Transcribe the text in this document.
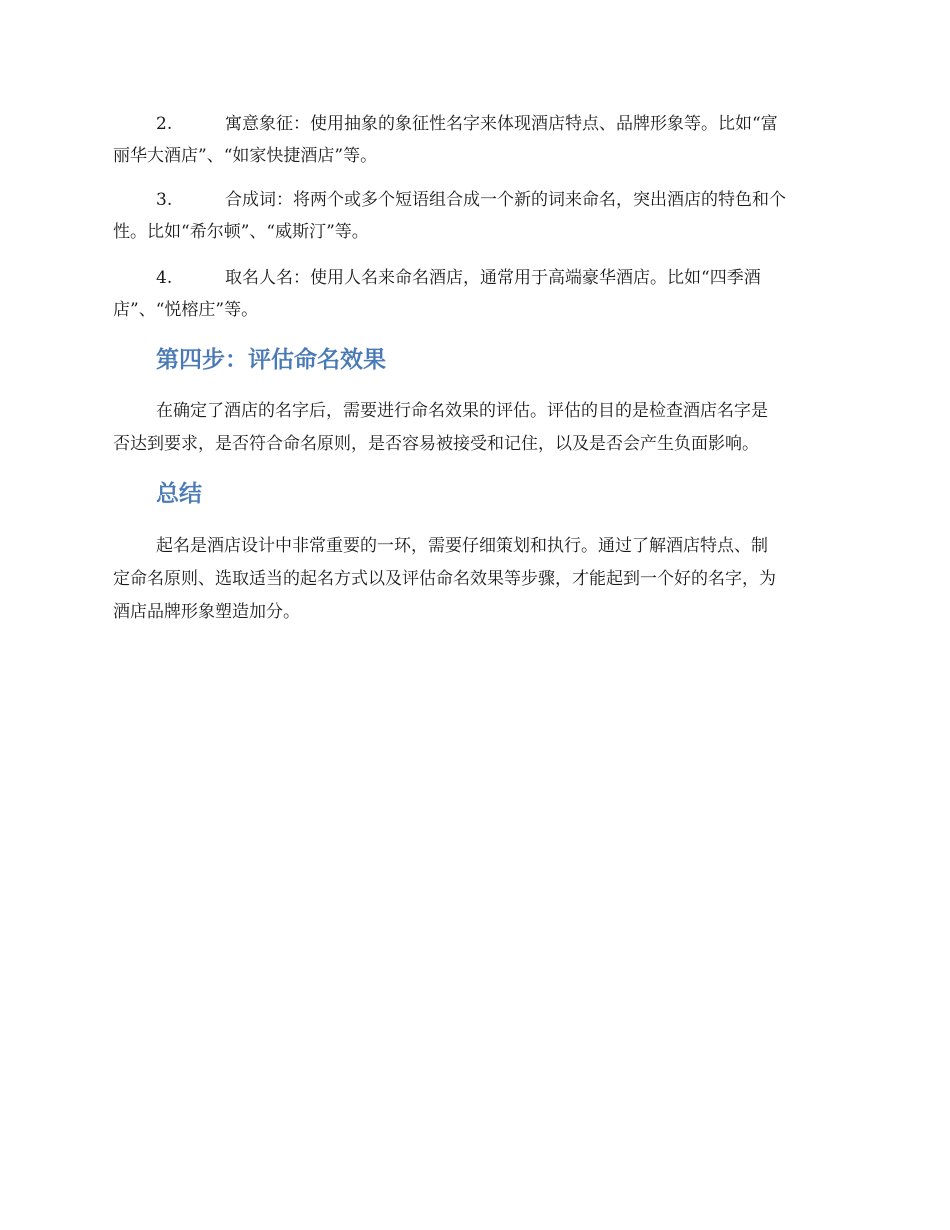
2.	寓意象征：使用抽象的象征性名字来体现酒店特点、品牌形象等。比如“富
丽华大酒店”、“如家快捷酒店”等。
3.	合成词：将两个或多个短语组合成一个新的词来命名，突出酒店的特色和个
性。比如“希尔顿”、“威斯汀”等。
4.	取名人名：使用人名来命名酒店，通常用于高端豪华酒店。比如“四季酒
店”、“悦榕庄”等。
第四步：评估命名效果
在确定了酒店的名字后，需要进行命名效果的评估。评估的目的是检查酒店名字是
否达到要求，是否符合命名原则，是否容易被接受和记住，以及是否会产生负面影响。
总结
起名是酒店设计中非常重要的一环，需要仔细策划和执行。通过了解酒店特点、制
定命名原则、选取适当的起名方式以及评估命名效果等步骤，才能起到一个好的名字，为
酒店品牌形象塑造加分。
